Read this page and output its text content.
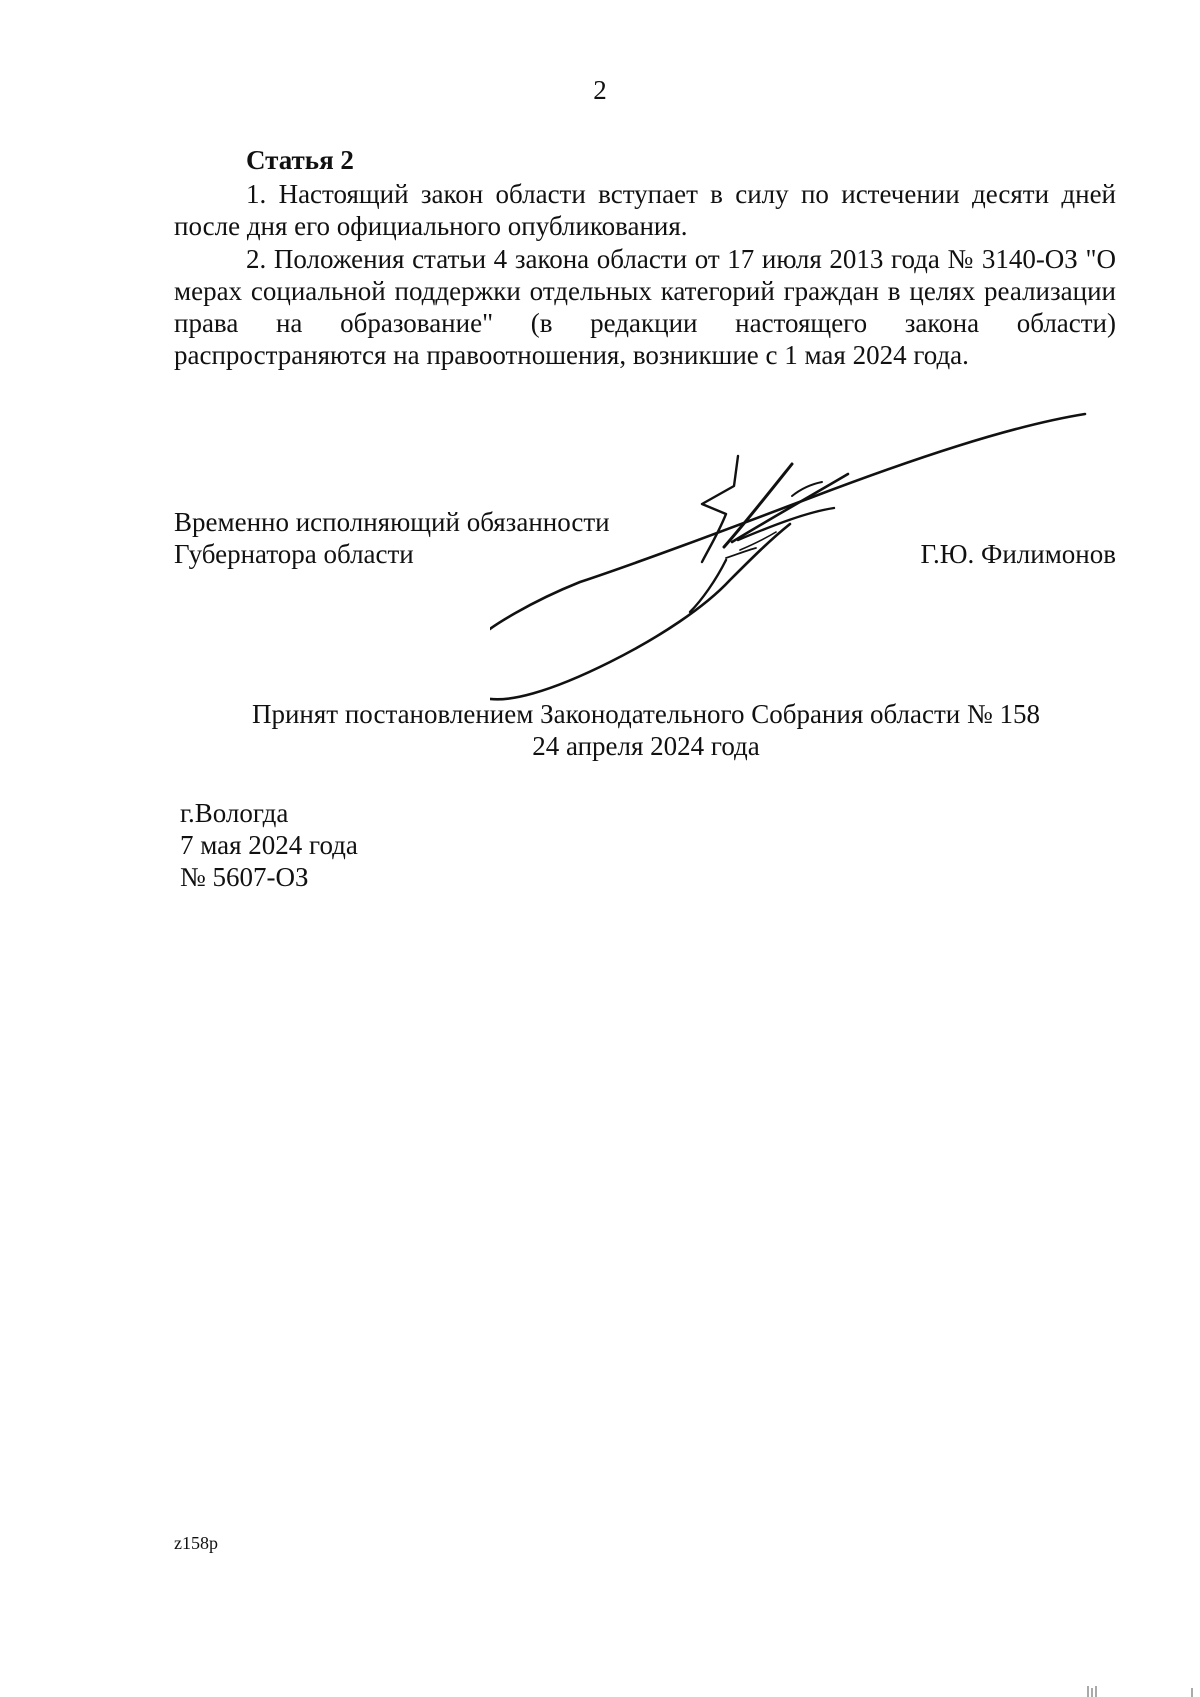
2
Статья 2

1. Настоящий закон области вступает в силу по истечении десяти дней после дня его официального опубликования.

2. Положения статьи 4 закона области от 17 июля 2013 года № 3140-ОЗ "О мерах социальной поддержки отдельных категорий граждан в целях реализации права на образование" (в редакции настоящего закона области) распространяются на правоотношения, возникшие с 1 мая 2024 года.

Временно исполняющий обязанности
Губернатора области	Г.Ю. Филимонов
Принят постановлением Законодательного Собрания области № 158
24 апреля 2024 года
г.Вологда
7 мая 2024 года
№ 5607-ОЗ
z158p
